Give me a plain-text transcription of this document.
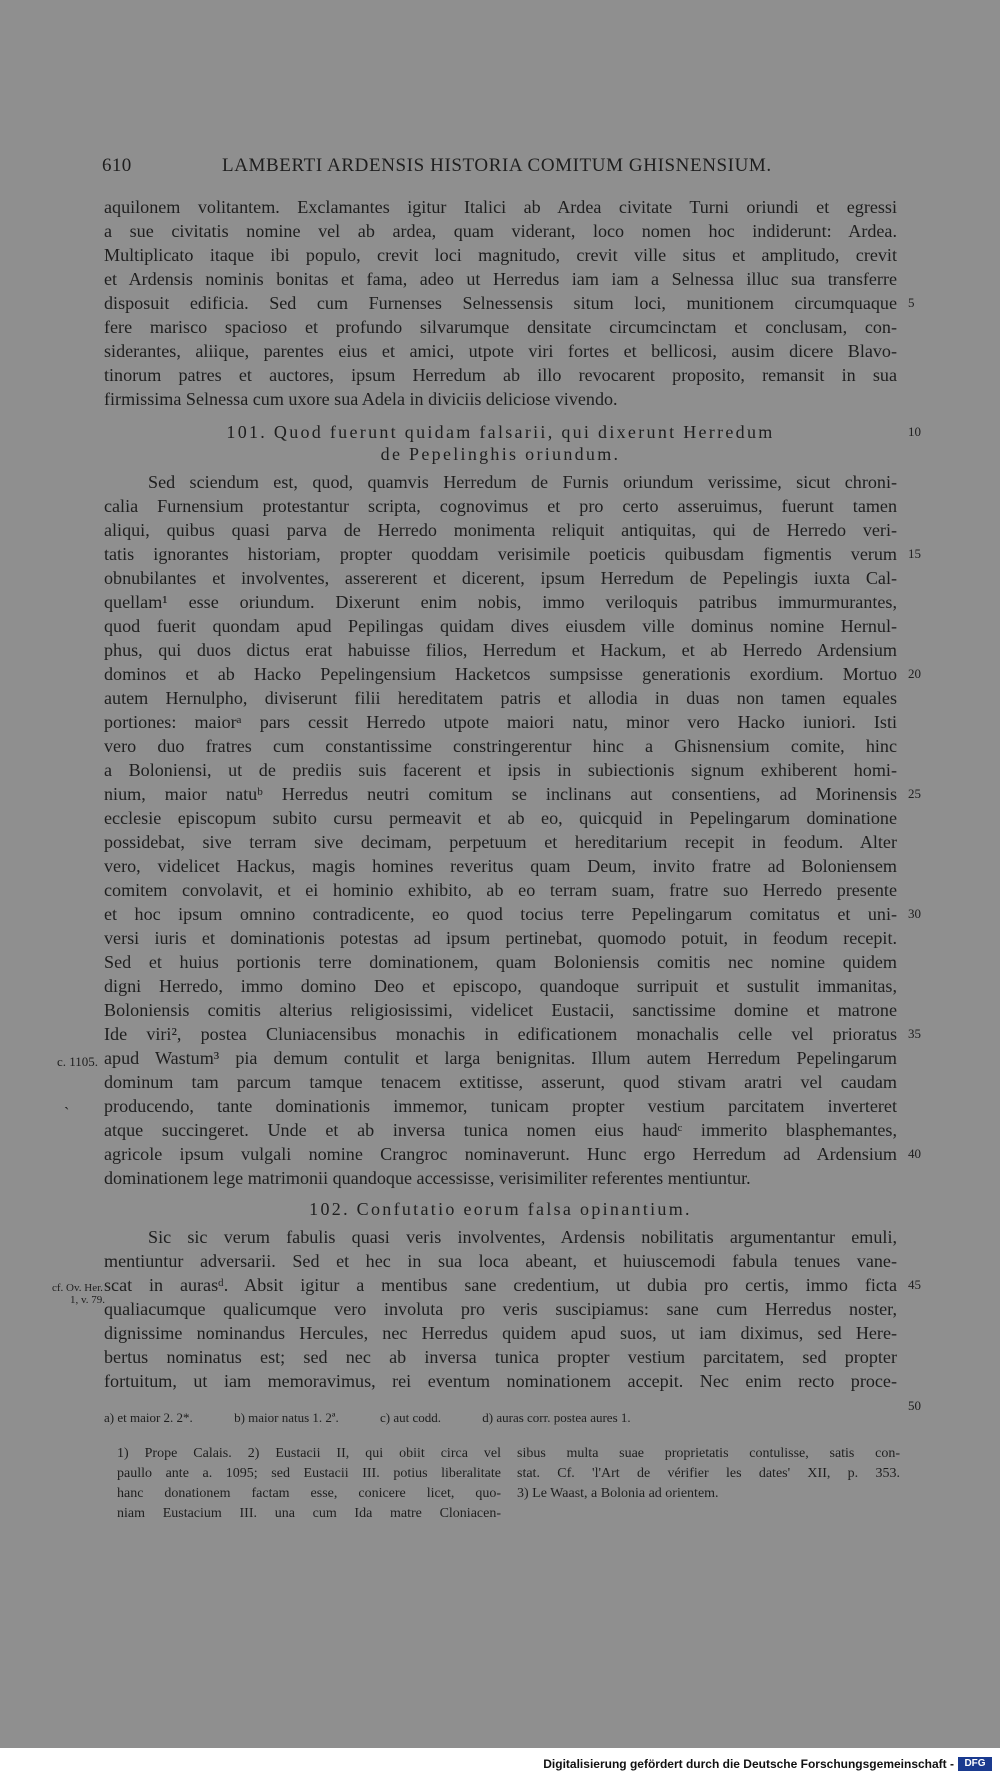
610	LAMBERTI ARDENSIS HISTORIA COMITUM GHISNENSIUM.
aquilonem volitantem. Exclamantes igitur Italici ab Ardea civitate Turni oriundi et egressi
a sue civitatis nomine vel ab ardea, quam viderant, loco nomen hoc indiderunt: Ardea.
Multiplicato itaque ibi populo, crevit loci magnitudo, crevit ville situs et amplitudo, crevit
et Ardensis nominis bonitas et fama, adeo ut Herredus iam iam a Selnessa illuc sua transferre
disposuit edificia. Sed cum Furnenses Selnessensis situm loci, munitionem circumquaque
fere marisco spacioso et profundo silvarumque densitate circumcinctam et conclusam, con-
siderantes, aliique, parentes eius et amici, utpote viri fortes et bellicosi, ausim dicere Blavo-
tinorum patres et auctores, ipsum Herredum ab illo revocarent proposito, remansit in sua
firmissima Selnessa cum uxore sua Adela in diviciis deliciose vivendo.
101. Quod fuerunt quidam falsarii, qui dixerunt Herredum
de Pepelinghis oriundum.
Sed sciendum est, quod, quamvis Herredum de Furnis oriundum verissime, sicut chroni-
calia Furnensium protestantur scripta, cognovimus et pro certo asseruimus, fuerunt tamen
aliqui, quibus quasi parva de Herredo monimenta reliquit antiquitas, qui de Herredo veri-
tatis ignorantes historiam, propter quoddam verisimile poeticis quibusdam figmentis verum
obnubilantes et involventes, assererent et dicerent, ipsum Herredum de Pepelingis iuxta Cal-
quellam¹ esse oriundum. Dixerunt enim nobis, immo veriloquis patribus immurmurantes,
quod fuerit quondam apud Pepilingas quidam dives eiusdem ville dominus nomine Hernul-
phus, qui duos dictus erat habuisse filios, Herredum et Hackum, et ab Herredo Ardensium
dominos et ab Hacko Pepelingensium Hacketcos sumpsisse generationis exordium. Mortuo
autem Hernulpho, diviserunt filii hereditatem patris et allodia in duas non tamen equales
portiones: maiorᵃ pars cessit Herredo utpote maiori natu, minor vero Hacko iuniori. Isti
vero duo fratres cum constantissime constringerentur hinc a Ghisnensium comite, hinc
a Boloniensi, ut de prediis suis facerent et ipsis in subiectionis signum exhiberent homi-
nium, maior natuᵇ Herredus neutri comitum se inclinans aut consentiens, ad Morinensis
ecclesie episcopum subito cursu permeavit et ab eo, quicquid in Pepelingarum dominatione
possidebat, sive terram sive decimam, perpetuum et hereditarium recepit in feodum. Alter
vero, videlicet Hackus, magis homines reveritus quam Deum, invito fratre ad Boloniensem
comitem convolavit, et ei hominio exhibito, ab eo terram suam, fratre suo Herredo presente
et hoc ipsum omnino contradicente, eo quod tocius terre Pepelingarum comitatus et uni-
versi iuris et dominationis potestas ad ipsum pertinebat, quomodo potuit, in feodum recepit.
Sed et huius portionis terre dominationem, quam Boloniensis comitis nec nomine quidem
digni Herredo, immo domino Deo et episcopo, quandoque surripuit et sustulit immanitas,
Boloniensis comitis alterius religiosissimi, videlicet Eustacii, sanctissime domine et matrone
Ide viri², postea Cluniacensibus monachis in edificationem monachalis celle vel prioratus
apud Wastum³ pia demum contulit et larga benignitas. Illum autem Herredum Pepelingarum
dominum tam parcum tamque tenacem extitisse, asserunt, quod stivam aratri vel caudam
producendo, tante dominationis immemor, tunicam propter vestium parcitatem inverteret
atque succingeret. Unde et ab inversa tunica nomen eius haudᶜ immerito blasphemantes,
agricole ipsum vulgali nomine Crangroc nominaverunt. Hunc ergo Herredum ad Ardensium
dominationem lege matrimonii quandoque accessisse, verisimiliter referentes mentiuntur.
102. Confutatio eorum falsa opinantium.
Sic sic verum fabulis quasi veris involventes, Ardensis nobilitatis argumentantur emuli,
mentiuntur adversarii. Sed et hec in sua loca abeant, et huiuscemodi fabula tenues vane-
scat in aurasᵈ. Absit igitur a mentibus sane credentium, ut dubia pro certis, immo ficta
qualiacumque qualicumque vero involuta pro veris suscipiamus: sane cum Herredus noster,
dignissime nominandus Hercules, nec Herredus quidem apud suos, ut iam diximus, sed Here-
bertus nominatus est; sed nec ab inversa tunica propter vestium parcitatem, sed propter
fortuitum, ut iam memoravimus, rei eventum nominationem accepit. Nec enim recto proce-
5
10
15
20
25
30
35
40
45
50
c. 1105.
`
cf. Ov. Her.
1, v. 79.
a) et maior 2. 2*.	b) maior natus 1. 2ª.	c) aut codd.	d) auras corr. postea aures 1.
1) Prope Calais. 2) Eustacii II, qui obiit circa vel
paullo ante a. 1095; sed Eustacii III. potius liberalitate
hanc donationem factam esse, conicere licet, quo-
niam Eustacium III. una cum Ida matre Cloniacen-
sibus multa suae proprietatis contulisse, satis con-
stat. Cf. 'l'Art de vérifier les dates' XII, p. 353.
3) Le Waast, a Bolonia ad orientem.
Digitalisierung gefördert durch die Deutsche Forschungsgemeinschaft -	DFG
